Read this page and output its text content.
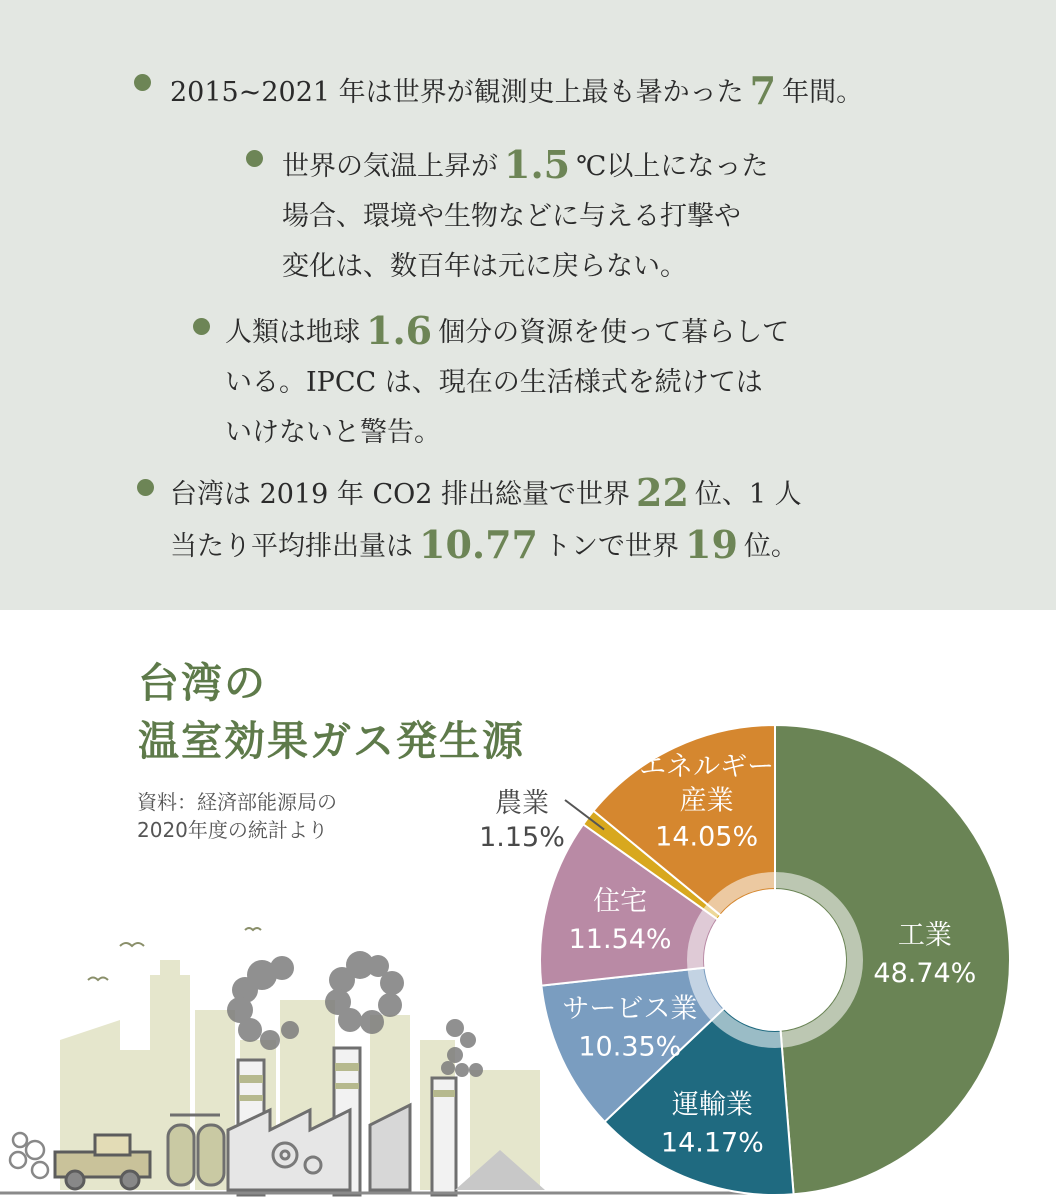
2015~2021 年は世界が観測史上最も暑かった 7 年間。
世界の気温上昇が 1.5 ℃以上になった
場合、環境や生物などに与える打撃や
変化は、数百年は元に戻らない。
人類は地球 1.6 個分の資源を使って暮らして
いる。IPCC は、現在の生活様式を続けては
いけないと警告。
台湾は 2019 年 CO2 排出総量で世界 22 位、1 人
当たり平均排出量は 10.77 トンで世界 19 位。
台湾の
温室効果ガス発生源
資料：経済部能源局の
2020年度の統計より
工業
48.74%
運輸業
14.17%
サービス業
10.35%
住宅
11.54%
エネルギー
産業
14.05%
農業
1.15%
